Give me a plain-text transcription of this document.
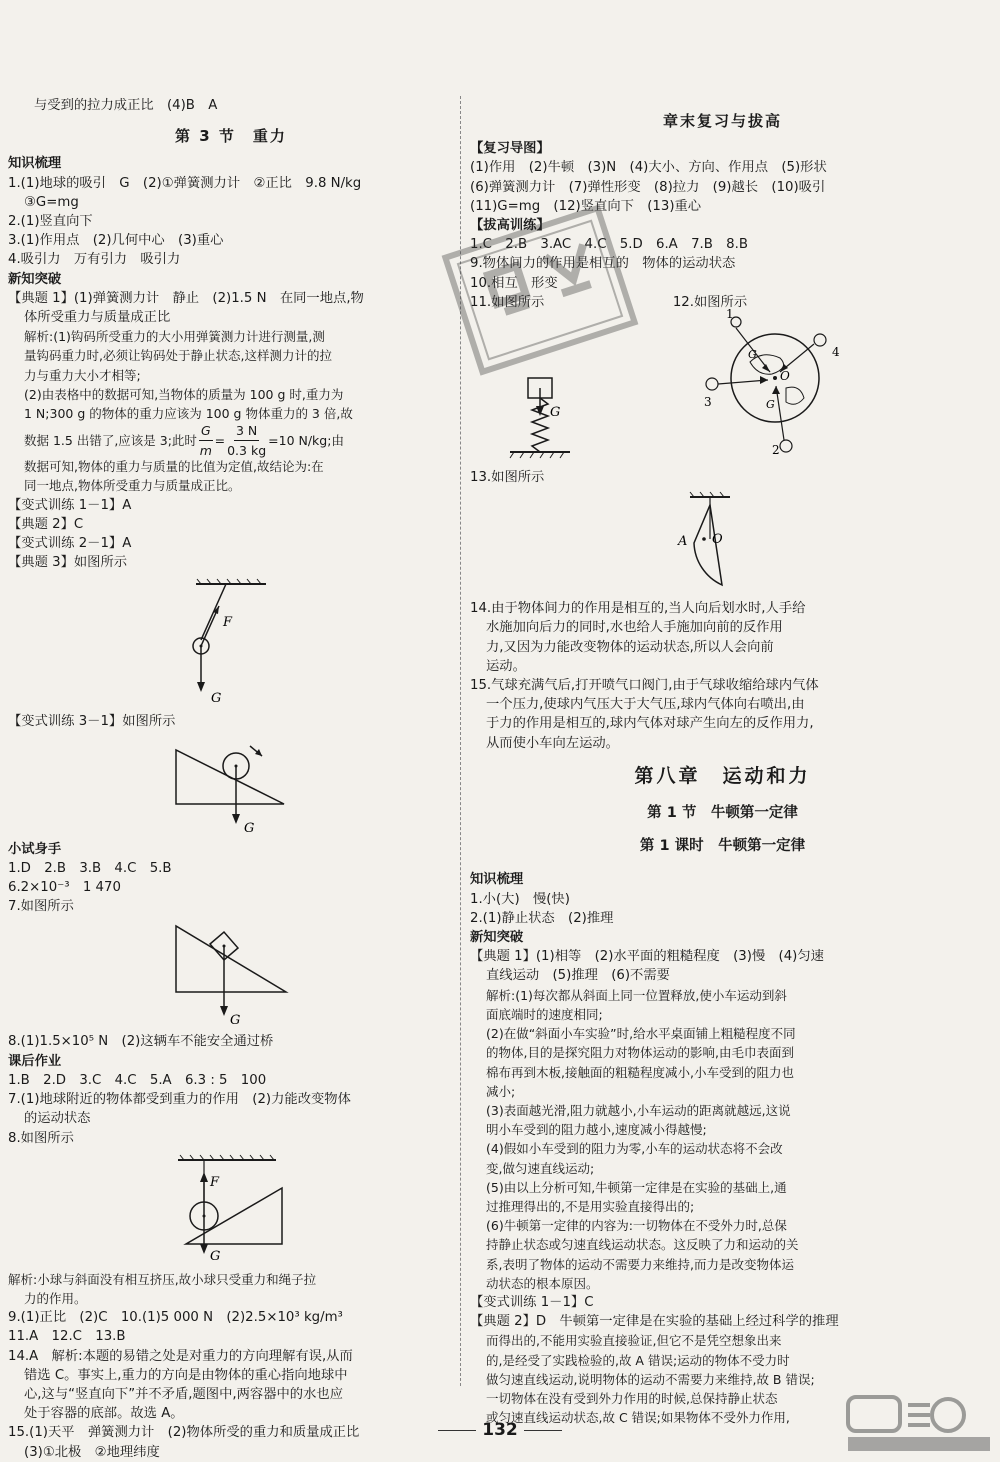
与受到的拉力成正比　(4)B　A
第 3 节　重力
知识梳理
1.(1)地球的吸引　G　(2)①弹簧测力计　②正比　9.8 N/kg
③G=mg
2.(1)竖直向下
3.(1)作用点　(2)几何中心　(3)重心
4.吸引力　万有引力　吸引力
新知突破
【典题 1】(1)弹簧测力计　静止　(2)1.5 N　在同一地点,物
体所受重力与质量成正比
解析:(1)钩码所受重力的大小用弹簧测力计进行测量,测
量钩码重力时,必须让钩码处于静止状态,这样测力计的拉
力与重力大小才相等;
(2)由表格中的数据可知,当物体的质量为 100 g 时,重力为
1 N;300 g 的物体的重力应该为 100 g 物体重力的 3 倍,故
数据 1.5 出错了,应该是 3;此时 $\frac{G}{m} = \frac{3 N}{0.3 kg} =10$ N/kg;由
数据可知,物体的重力与质量的比值为定值,故结论为:在
同一地点,物体所受重力与质量成正比。
【变式训练 1－1】A
【典题 2】C
【变式训练 2－1】A
【典题 3】如图所示
F
G
【变式训练 3－1】如图所示
G
小试身手
1.D　2.B　3.B　4.C　5.B
6.2×10⁻³　1 470
7.如图所示
G
8.(1)1.5×10⁵ N　(2)这辆车不能安全通过桥
课后作业
1.B　2.D　3.C　4.C　5.A　6.3 : 5　100
7.(1)地球附近的物体都受到重力的作用　(2)力能改变物体
的运动状态
8.如图所示
F
G
解析:小球与斜面没有相互挤压,故小球只受重力和绳子拉
力的作用。
9.(1)正比　(2)C　10.(1)5 000 N　(2)2.5×10³ kg/m³
11.A　12.C　13.B
14.A　解析:本题的易错之处是对重力的方向理解有误,从而
错选 C。事实上,重力的方向是由物体的重心指向地球中
心,这与“竖直向下”并不矛盾,题图中,两容器中的水也应
处于容器的底部。故选 A。
15.(1)天平　弹簧测力计　(2)物体所受的重力和质量成正比
(3)①北极　②地理纬度
章末复习与拔高
【复习导图】
(1)作用　(2)牛顿　(3)N　(4)大小、方向、作用点　(5)形状
(6)弹簧测力计　(7)弹性形变　(8)拉力　(9)越长　(10)吸引
(11)G=mg　(12)竖直向下　(13)重心
【拔高训练】
1.C　2.B　3.AC　4.C　5.D　6.A　7.B　8.B
9.物体间力的作用是相互的　物体的运动状态
10.相互　形变
11.如图所示	12.如图所示
G
1
4
3
2
O
G
G
13.如图所示
A O
14.由于物体间力的作用是相互的,当人向后划水时,人手给
水施加向后力的同时,水也给人手施加向前的反作用
力,又因为力能改变物体的运动状态,所以人会向前
运动。
15.气球充满气后,打开喷气口阀门,由于气球收缩给球内气体
一个压力,使球内气压大于大气压,球内气体向右喷出,由
于力的作用是相互的,球内气体对球产生向左的反作用力,
从而使小车向左运动。
第八章　运动和力
第 1 节　牛顿第一定律
第 1 课时　牛顿第一定律
知识梳理
1.小(大)　慢(快)
2.(1)静止状态　(2)推理
新知突破
【典题 1】(1)相等　(2)水平面的粗糙程度　(3)慢　(4)匀速
直线运动　(5)推理　(6)不需要
解析:(1)每次都从斜面上同一位置释放,使小车运动到斜
面底端时的速度相同;
(2)在做“斜面小车实验”时,给水平桌面铺上粗糙程度不同
的物体,目的是探究阻力对物体运动的影响,由毛巾表面到
棉布再到木板,接触面的粗糙程度减小,小车受到的阻力也
减小;
(3)表面越光滑,阻力就越小,小车运动的距离就越远,这说
明小车受到的阻力越小,速度减小得越慢;
(4)假如小车受到的阻力为零,小车的运动状态将不会改
变,做匀速直线运动;
(5)由以上分析可知,牛顿第一定律是在实验的基础上,通
过推理得出的,不是用实验直接得出的;
(6)牛顿第一定律的内容为:一切物体在不受外力时,总保
持静止状态或匀速直线运动状态。这反映了力和运动的关
系,表明了物体的运动不需要力来维持,而力是改变物体运
动状态的根本原因。
【变式训练 1－1】C
【典题 2】D　牛顿第一定律是在实验的基础上经过科学的推理
而得出的,不能用实验直接验证,但它不是凭空想象出来
的,是经受了实践检验的,故 A 错误;运动的物体不受力时
做匀速直线运动,说明物体的运动不需要力来维持,故 B 错误;
一切物体在没有受到外力作用的时候,总保持静止状态
或匀速直线运动状态,故 C 错误;如果物体不受外力作用,
132
